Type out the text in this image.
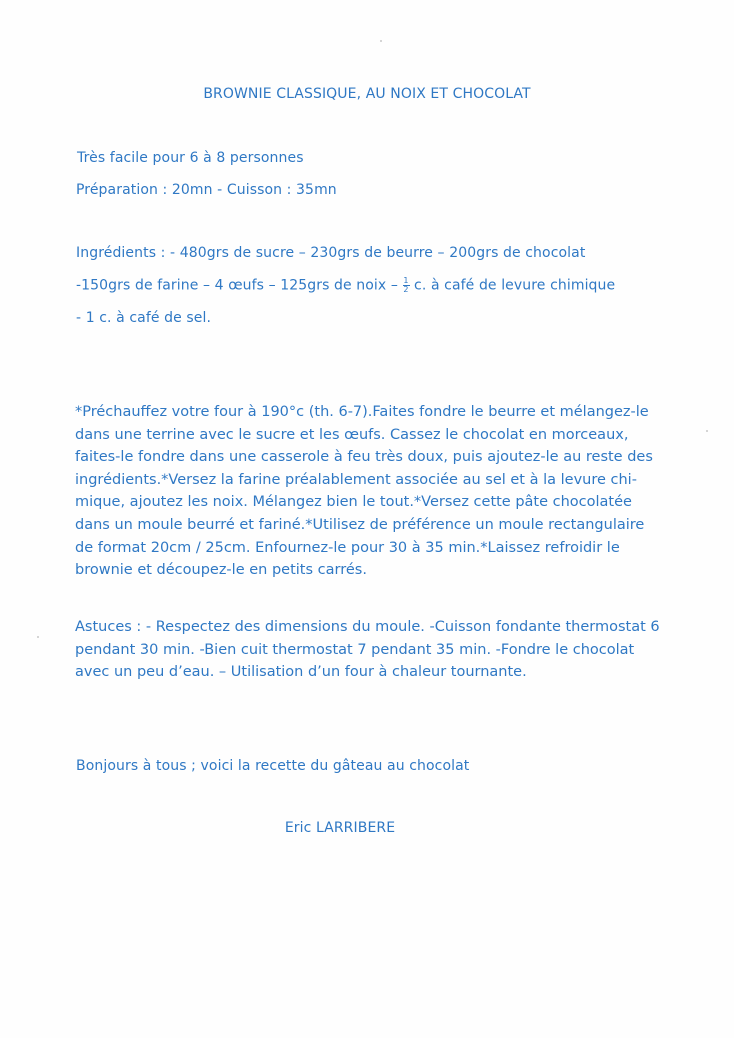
BROWNIE CLASSIQUE, AU NOIX ET CHOCOLAT
Très facile pour 6 à 8 personnes
Préparation : 20mn - Cuisson : 35mn
Ingrédients : - 480grs de sucre – 230grs de beurre – 200grs de chocolat
-150grs de farine – 4 œufs – 125grs de noix – $\frac{1}{2} c$. à café de levure chimique
- 1 c. à café de sel.
*Préchauffez votre four à 190°c (th. 6-7).Faites fondre le beurre et mélangez-le
dans une terrine avec le sucre et les œufs. Cassez le chocolat en morceaux,
faites-le fondre dans une casserole à feu très doux, puis ajoutez-le au reste des
ingrédients.*Versez la farine préalablement associée au sel et à la levure chi-
mique, ajoutez les noix. Mélangez bien le tout.*Versez cette pâte chocolatée
dans un moule beurré et fariné.*Utilisez de préférence un moule rectangulaire
de format 20cm / 25cm. Enfournez-le pour 30 à 35 min.*Laissez refroidir le
brownie et découpez-le en petits carrés.
Astuces : - Respectez des dimensions du moule. -Cuisson fondante thermostat 6
pendant 30 min. -Bien cuit thermostat 7 pendant 35 min. -Fondre le chocolat
avec un peu d’eau. – Utilisation d’un four à chaleur tournante.
Bonjours à tous ; voici la recette du gâteau au chocolat
Eric LARRIBERE
